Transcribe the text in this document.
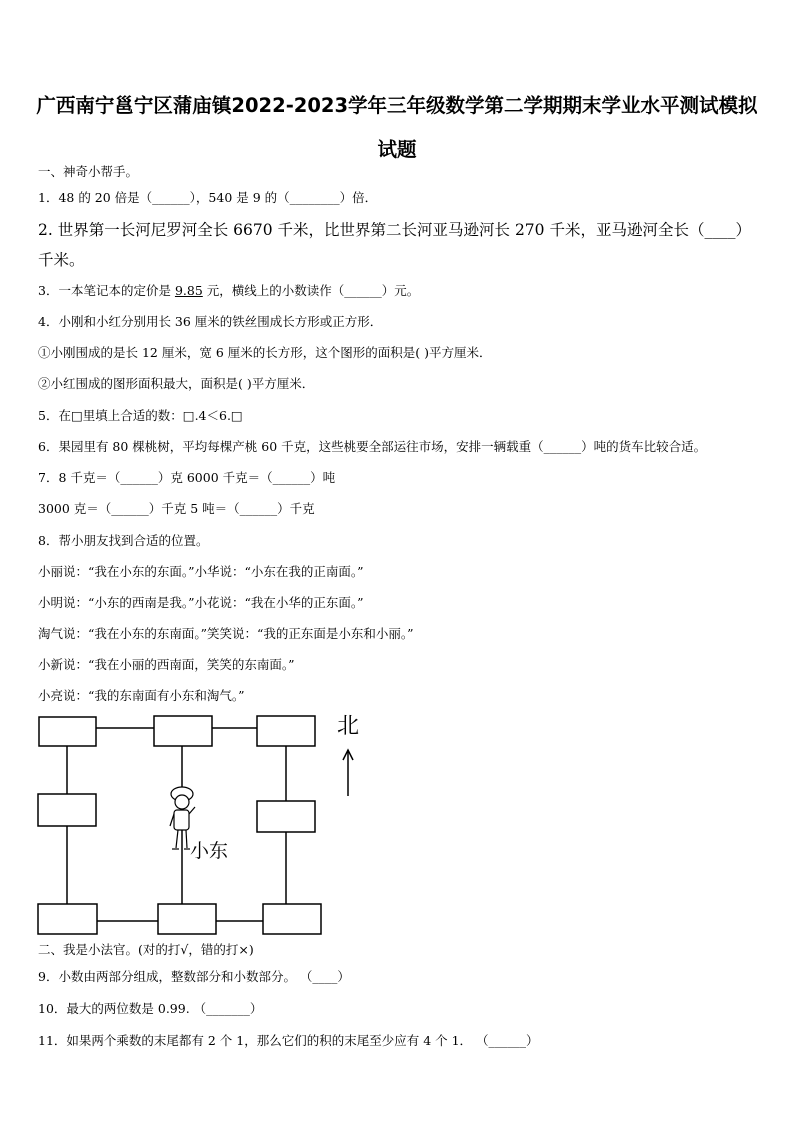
广西南宁邕宁区蒲庙镇2022-2023学年三年级数学第二学期期末学业水平测试模拟试题
一、神奇小帮手。
1．48 的 20 倍是（______），540 是 9 的（________）倍．
2. 世界第一长河尼罗河全长 6670 千米，比世界第二长河亚马逊河长 270 千米，亚马逊河全长（____）
千米。
3．一本笔记本的定价是 9.85 元，横线上的小数读作（______）元。
4．小刚和小红分别用长 36 厘米的铁丝围成长方形或正方形．
①小刚围成的是长 12 厘米，宽 6 厘米的长方形，这个图形的面积是( )平方厘米．
②小红围成的图形面积最大，面积是( )平方厘米．
5．在□里填上合适的数：□.4＜6.□
6．果园里有 80 棵桃树，平均每棵产桃 60 千克，这些桃要全部运往市场，安排一辆载重（______）吨的货车比较合适。
7．8 千克＝（______）克 6000 千克＝（______）吨
3000 克＝（______）千克 5 吨＝（______）千克
8．帮小朋友找到合适的位置。
小丽说：“我在小东的东面。”小华说：“小东在我的正南面。”
小明说：“小东的西南是我。”小花说：“我在小华的正东面。”
淘气说：“我在小东的东南面。”笑笑说：“我的正东面是小东和小丽。”
小新说：“我在小丽的西南面，笑笑的东南面。”
小亮说：“我的东南面有小东和淘气。”
北
小东
二、我是小法官。(对的打√，错的打×)
9．小数由两部分组成，整数部分和小数部分。 （____）
10．最大的两位数是 0.99. （_______）
11．如果两个乘数的末尾都有 2 个 1，那么它们的积的末尾至少应有 4 个 1． （______）
